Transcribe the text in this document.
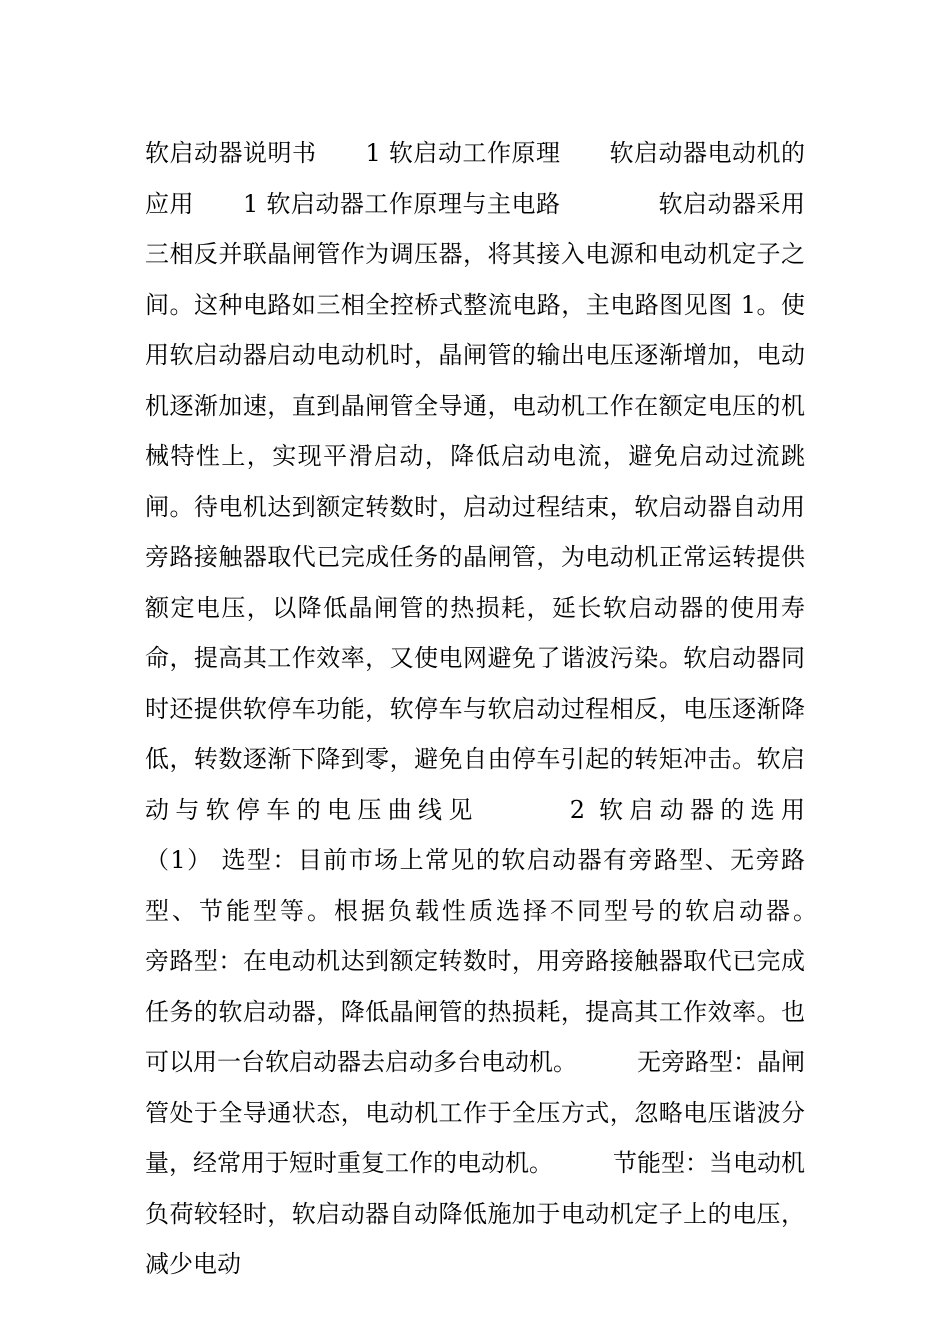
软启动器说明书　　1 软启动工作原理　　软启动器电动机的应用　　1 软启动器工作原理与主电路　　　　软启动器采用三相反并联晶闸管作为调压器，将其接入电源和电动机定子之间。这种电路如三相全控桥式整流电路，主电路图见图 1。使用软启动器启动电动机时，晶闸管的输出电压逐渐增加，电动机逐渐加速，直到晶闸管全导通，电动机工作在额定电压的机械特性上，实现平滑启动，降低启动电流，避免启动过流跳闸。待电机达到额定转数时，启动过程结束，软启动器自动用旁路接触器取代已完成任务的晶闸管，为电动机正常运转提供额定电压，以降低晶闸管的热损耗，延长软启动器的使用寿命，提高其工作效率，又使电网避免了谐波污染。软启动器同时还提供软停车功能，软停车与软启动过程相反，电压逐渐降低，转数逐渐下降到零，避免自由停车引起的转矩冲击。软启动与软停车的电压曲线见　　　2 软启动器的选用　　　　（1） 选型：目前市场上常见的软启动器有旁路型、无旁路型、节能型等。根据负载性质选择不同型号的软启动器。　　　旁路型：在电动机达到额定转数时，用旁路接触器取代已完成任务的软启动器，降低晶闸管的热损耗，提高其工作效率。也可以用一台软启动器去启动多台电动机。　　　无旁路型：晶闸管处于全导通状态，电动机工作于全压方式，忽略电压谐波分量，经常用于短时重复工作的电动机。　　　节能型：当电动机负荷较轻时，软启动器自动降低施加于电动机定子上的电压，减少电动
